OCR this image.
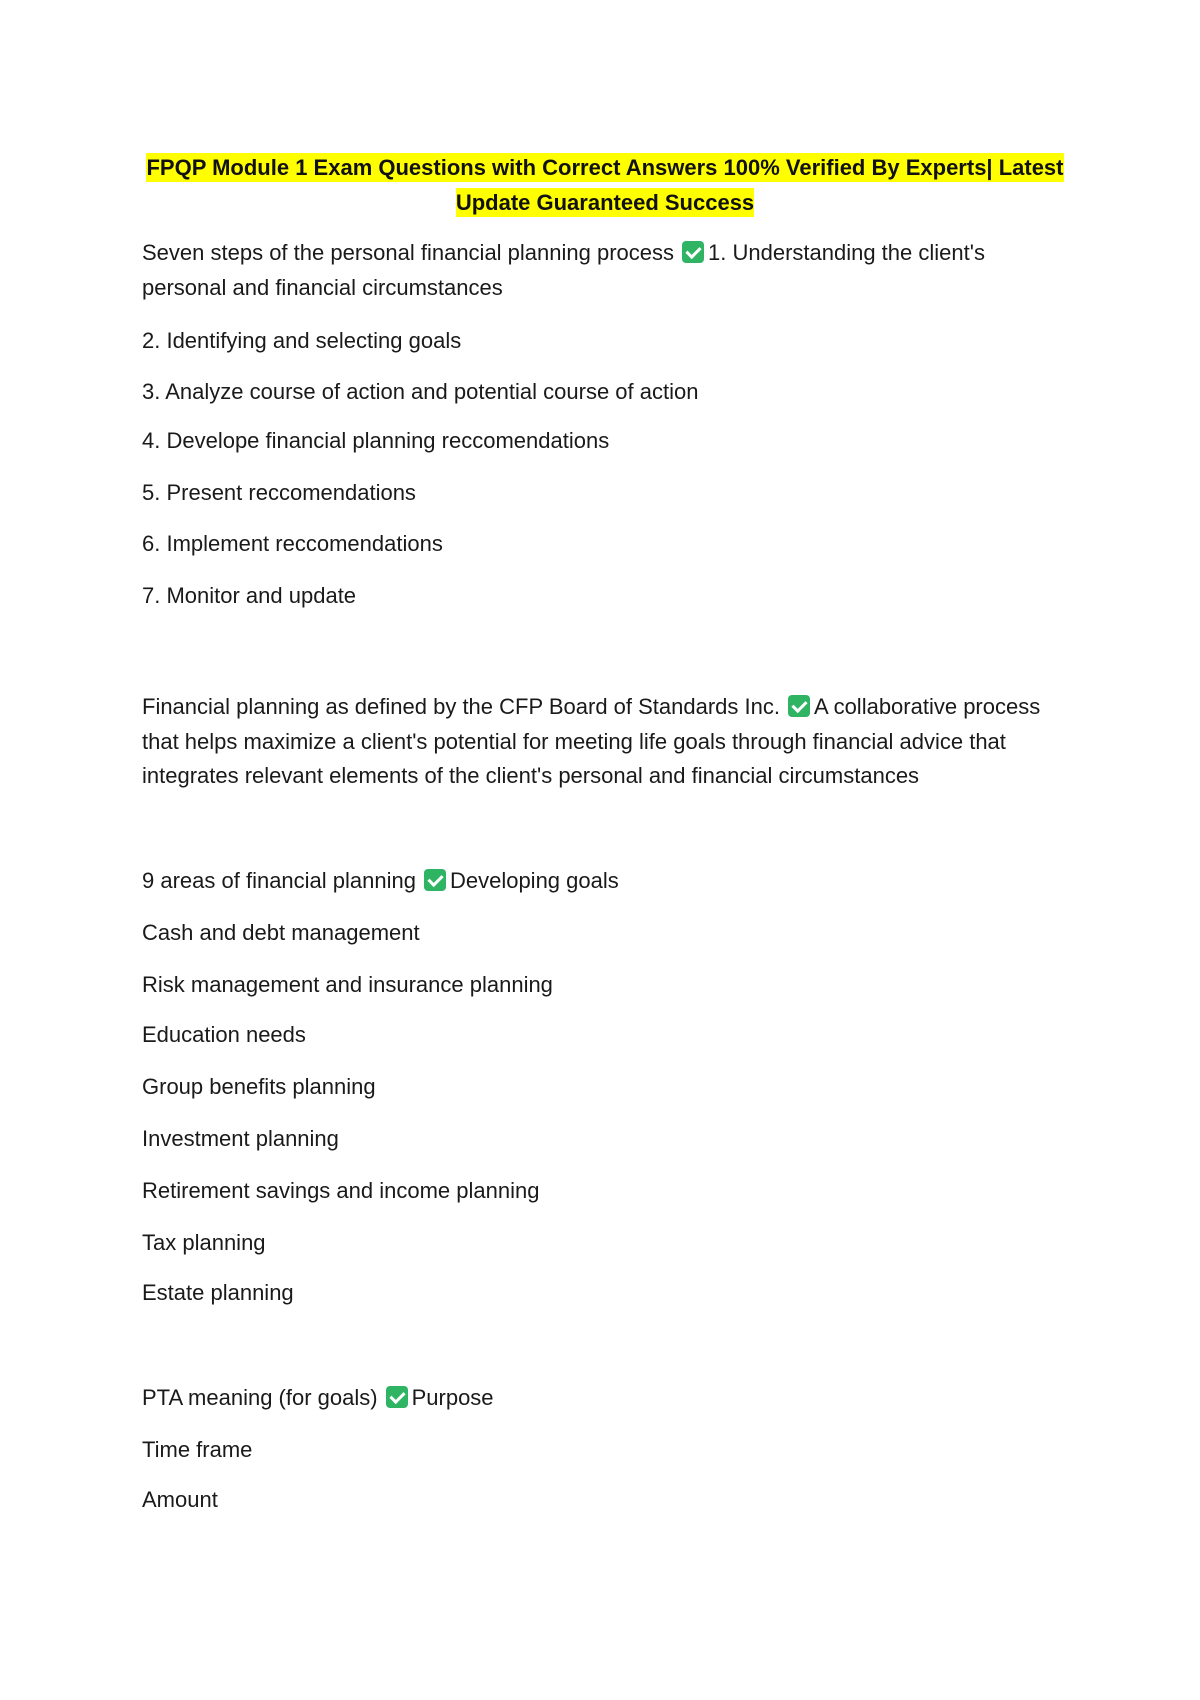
FPQP Module 1 Exam Questions with Correct Answers 100% Verified By Experts| Latest
Update Guaranteed Success
Seven steps of the personal financial planning process 1. Understanding the client's personal and financial circumstances
2. Identifying and selecting goals
3. Analyze course of action and potential course of action
4. Develope financial planning reccomendations
5. Present reccomendations
6. Implement reccomendations
7. Monitor and update
Financial planning as defined by the CFP Board of Standards Inc. A collaborative process that helps maximize a client's potential for meeting life goals through financial advice that integrates relevant elements of the client's personal and financial circumstances
9 areas of financial planning Developing goals
Cash and debt management
Risk management and insurance planning
Education needs
Group benefits planning
Investment planning
Retirement savings and income planning
Tax planning
Estate planning
PTA meaning (for goals) Purpose
Time frame
Amount
